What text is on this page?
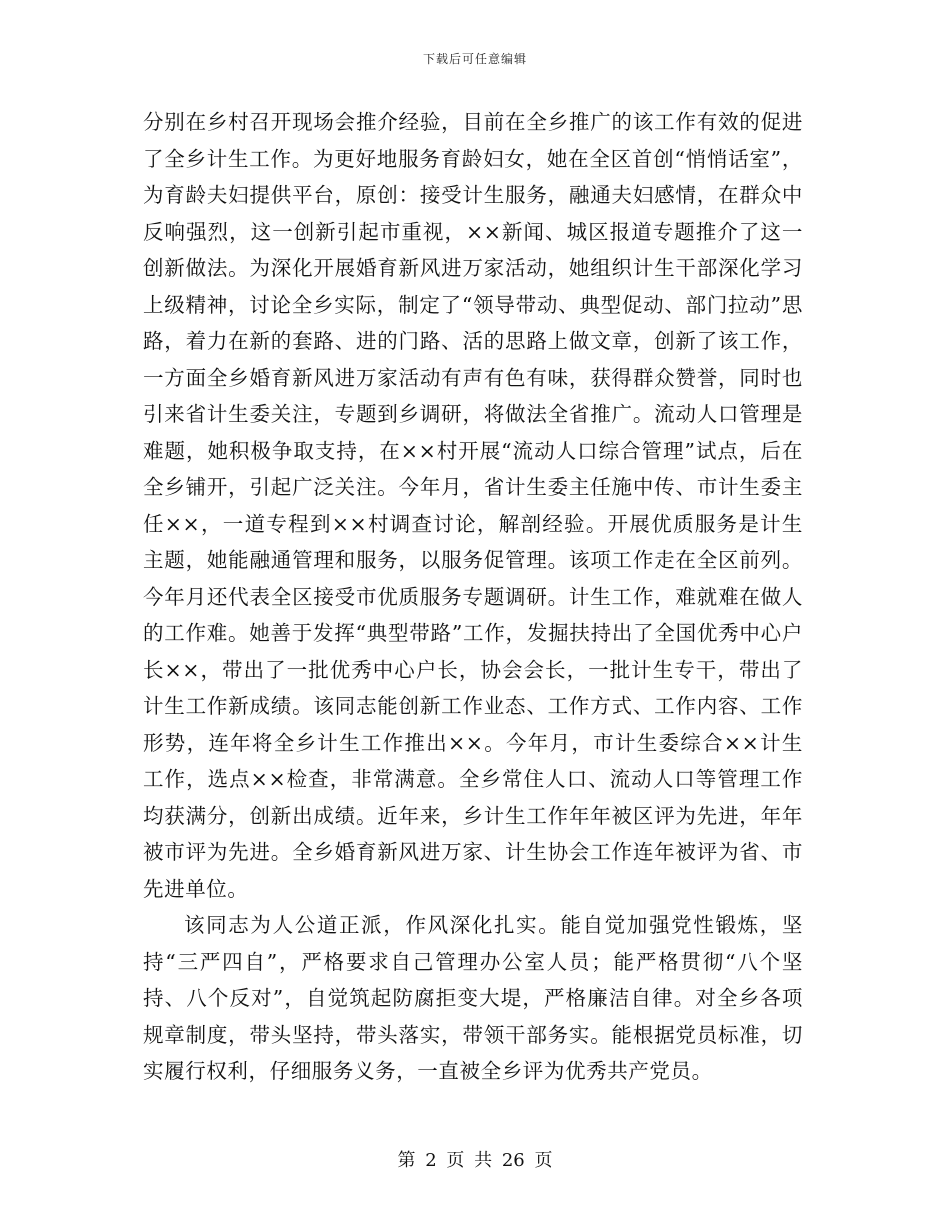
下载后可任意编辑

分别在乡村召开现场会推介经验，目前在全乡推广的该工作有效的促进了全乡计生工作。为更好地服务育龄妇女，她在全区首创“悄悄话室”，为育龄夫妇提供平台，原创：接受计生服务，融通夫妇感情，在群众中反响强烈，这一创新引起市重视，××新闻、城区报道专题推介了这一创新做法。为深化开展婚育新风进万家活动，她组织计生干部深化学习上级精神，讨论全乡实际，制定了“领导带动、典型促动、部门拉动”思路，着力在新的套路、进的门路、活的思路上做文章，创新了该工作，一方面全乡婚育新风进万家活动有声有色有味，获得群众赞誉，同时也引来省计生委关注，专题到乡调研，将做法全省推广。流动人口管理是难题，她积极争取支持，在××村开展“流动人口综合管理”试点，后在全乡铺开，引起广泛关注。今年月，省计生委主任施中传、市计生委主任××，一道专程到××村调查讨论，解剖经验。开展优质服务是计生主题，她能融通管理和服务，以服务促管理。该项工作走在全区前列。今年月还代表全区接受市优质服务专题调研。计生工作，难就难在做人的工作难。她善于发挥“典型带路”工作，发掘扶持出了全国优秀中心户长××，带出了一批优秀中心户长，协会会长，一批计生专干，带出了计生工作新成绩。该同志能创新工作业态、工作方式、工作内容、工作形势，连年将全乡计生工作推出××。今年月，市计生委综合××计生工作，选点××检查，非常满意。全乡常住人口、流动人口等管理工作均获满分，创新出成绩。近年来，乡计生工作年年被区评为先进，年年被市评为先进。全乡婚育新风进万家、计生协会工作连年被评为省、市先进单位。

该同志为人公道正派，作风深化扎实。能自觉加强党性锻炼，坚持“三严四自”，严格要求自己管理办公室人员；能严格贯彻“八个坚持、八个反对”，自觉筑起防腐拒变大堤，严格廉洁自律。对全乡各项规章制度，带头坚持，带头落实，带领干部务实。能根据党员标准，切实履行权利，仔细服务义务，一直被全乡评为优秀共产党员。

第 2 页 共 26 页
